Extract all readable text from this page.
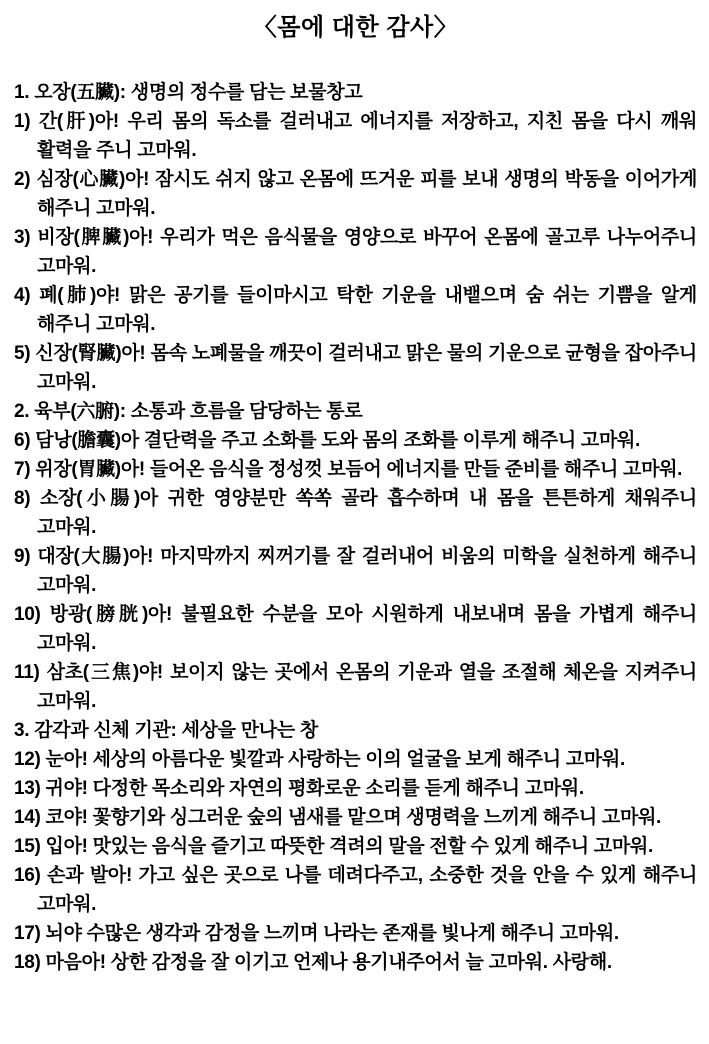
〈몸에 대한 감사〉

1. 오장(五臟): 생명의 정수를 담는 보물창고

1) 간(肝)아! 우리 몸의 독소를 걸러내고 에너지를 저장하고, 지친 몸을 다시 깨워 활력을 주니 고마워.

2) 심장(心臟)아! 잠시도 쉬지 않고 온몸에 뜨거운 피를 보내 생명의 박동을 이어가게 해주니 고마워.

3) 비장(脾臟)아! 우리가 먹은 음식물을 영양으로 바꾸어 온몸에 골고루 나누어주니 고마워.

4) 폐(肺)야! 맑은 공기를 들이마시고 탁한 기운을 내뱉으며 숨 쉬는 기쁨을 알게 해주니 고마워.

5) 신장(腎臟)아! 몸속 노폐물을 깨끗이 걸러내고 맑은 물의 기운으로 균형을 잡아주니 고마워.

2. 육부(六腑): 소통과 흐름을 담당하는 통로

6) 담낭(膽囊)아 결단력을 주고 소화를 도와 몸의 조화를 이루게 해주니 고마워.

7) 위장(胃臟)아! 들어온 음식을 정성껏 보듬어 에너지를 만들 준비를 해주니 고마워.

8) 소장(小腸)아 귀한 영양분만 쏙쏙 골라 흡수하며 내 몸을 튼튼하게 채워주니 고마워.

9) 대장(大腸)아! 마지막까지 찌꺼기를 잘 걸러내어 비움의 미학을 실천하게 해주니 고마워.

10) 방광(膀胱)아! 불필요한 수분을 모아 시원하게 내보내며 몸을 가볍게 해주니 고마워.

11) 삼초(三焦)야! 보이지 않는 곳에서 온몸의 기운과 열을 조절해 체온을 지켜주니 고마워.

3. 감각과 신체 기관: 세상을 만나는 창

12) 눈아! 세상의 아름다운 빛깔과 사랑하는 이의 얼굴을 보게 해주니 고마워.

13) 귀야! 다정한 목소리와 자연의 평화로운 소리를 듣게 해주니 고마워.

14) 코야! 꽃향기와 싱그러운 숲의 냄새를 맡으며 생명력을 느끼게 해주니 고마워.

15) 입아! 맛있는 음식을 즐기고 따뜻한 격려의 말을 전할 수 있게 해주니 고마워.

16) 손과 발아! 가고 싶은 곳으로 나를 데려다주고, 소중한 것을 안을 수 있게 해주니 고마워.

17) 뇌야 수많은 생각과 감정을 느끼며 나라는 존재를 빛나게 해주니 고마워.

18) 마음아! 상한 감정을 잘 이기고 언제나 용기내주어서 늘 고마워. 사랑해.
